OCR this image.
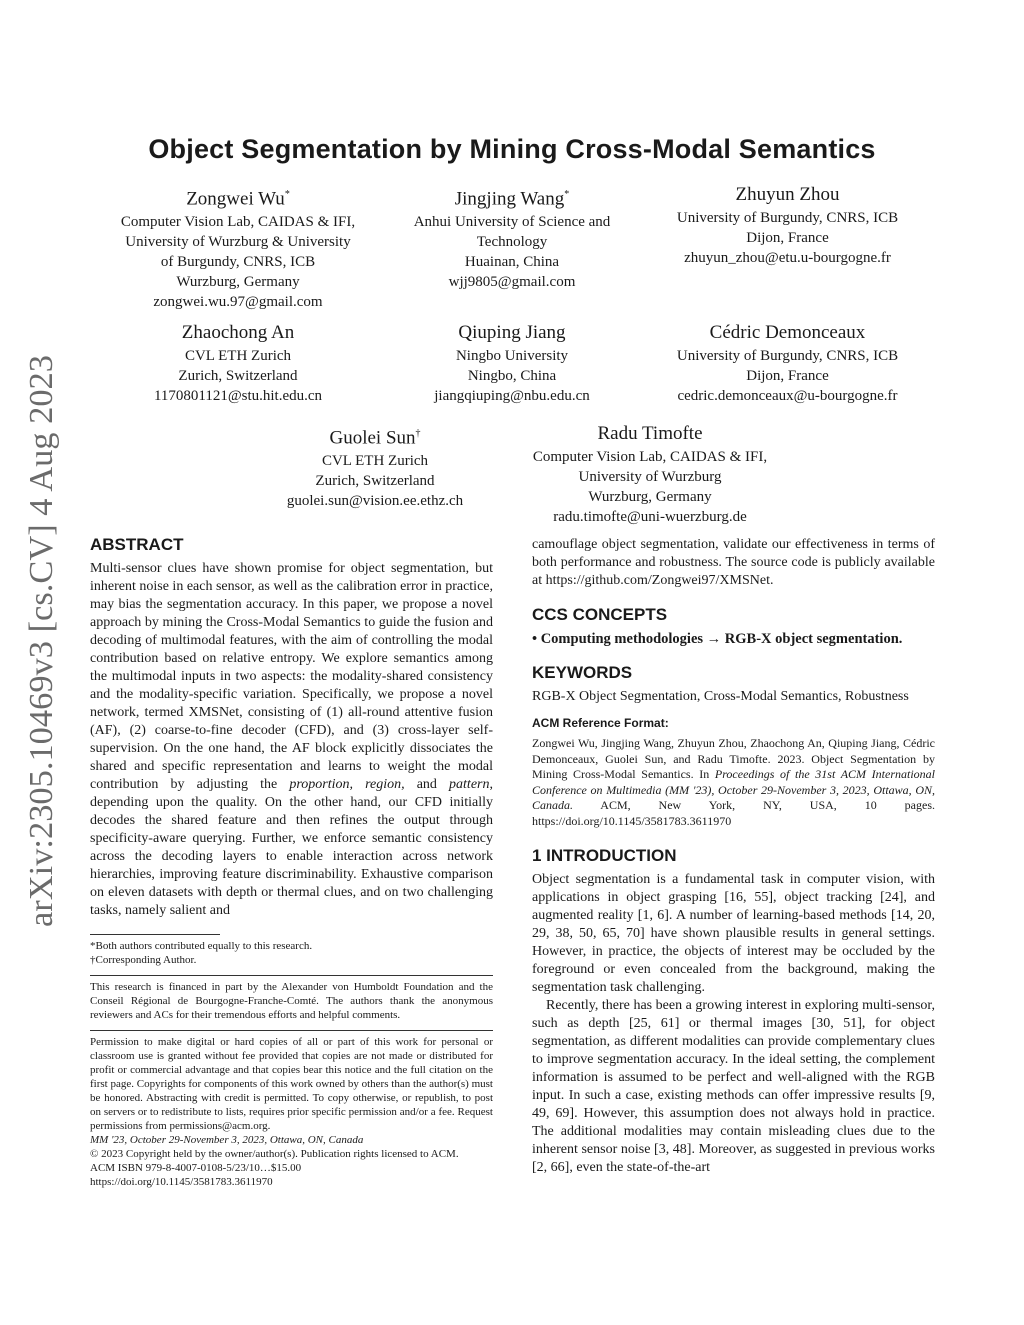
arXiv:2305.10469v3 [cs.CV] 4 Aug 2023
Object Segmentation by Mining Cross-Modal Semantics
Zongwei Wu*
Computer Vision Lab, CAIDAS & IFI,
University of Wurzburg & University
of Burgundy, CNRS, ICB
Wurzburg, Germany
zongwei.wu.97@gmail.com
Jingjing Wang*
Anhui University of Science and
Technology
Huainan, China
wjj9805@gmail.com
Zhuyun Zhou
University of Burgundy, CNRS, ICB
Dijon, France
zhuyun_zhou@etu.u-bourgogne.fr
Zhaochong An
CVL ETH Zurich
Zurich, Switzerland
1170801121@stu.hit.edu.cn
Qiuping Jiang
Ningbo University
Ningbo, China
jiangqiuping@nbu.edu.cn
Cédric Demonceaux
University of Burgundy, CNRS, ICB
Dijon, France
cedric.demonceaux@u-bourgogne.fr
Guolei Sun†
CVL ETH Zurich
Zurich, Switzerland
guolei.sun@vision.ee.ethz.ch
Radu Timofte
Computer Vision Lab, CAIDAS & IFI,
University of Wurzburg
Wurzburg, Germany
radu.timofte@uni-wuerzburg.de
ABSTRACT

Multi-sensor clues have shown promise for object segmentation, but inherent noise in each sensor, as well as the calibration error in practice, may bias the segmentation accuracy. In this paper, we propose a novel approach by mining the Cross-Modal Semantics to guide the fusion and decoding of multimodal features, with the aim of controlling the modal contribution based on relative entropy. We explore semantics among the multimodal inputs in two aspects: the modality-shared consistency and the modality-specific variation. Specifically, we propose a novel network, termed XMSNet, consisting of (1) all-round attentive fusion (AF), (2) coarse-to-fine decoder (CFD), and (3) cross-layer self-supervision. On the one hand, the AF block explicitly dissociates the shared and specific representation and learns to weight the modal contribution by adjusting the proportion, region, and pattern, depending upon the quality. On the other hand, our CFD initially decodes the shared feature and then refines the output through specificity-aware querying. Further, we enforce semantic consistency across the decoding layers to enable interaction across network hierarchies, improving feature discriminability. Exhaustive comparison on eleven datasets with depth or thermal clues, and on two challenging tasks, namely salient and

*Both authors contributed equally to this research.
†Corresponding Author.

This research is financed in part by the Alexander von Humboldt Foundation and the Conseil Régional de Bourgogne-Franche-Comté. The authors thank the anonymous reviewers and ACs for their tremendous efforts and helpful comments.

Permission to make digital or hard copies of all or part of this work for personal or classroom use is granted without fee provided that copies are not made or distributed for profit or commercial advantage and that copies bear this notice and the full citation on the first page. Copyrights for components of this work owned by others than the author(s) must be honored. Abstracting with credit is permitted. To copy otherwise, or republish, to post on servers or to redistribute to lists, requires prior specific permission and/or a fee. Request permissions from permissions@acm.org.

MM '23, October 29-November 3, 2023, Ottawa, ON, Canada
© 2023 Copyright held by the owner/author(s). Publication rights licensed to ACM.
ACM ISBN 979-8-4007-0108-5/23/10…$15.00
https://doi.org/10.1145/3581783.3611970

camouflage object segmentation, validate our effectiveness in terms of both performance and robustness. The source code is publicly available at https://github.com/Zongwei97/XMSNet.

CCS CONCEPTS
• Computing methodologies → RGB-X object segmentation.
KEYWORDS
RGB-X Object Segmentation, Cross-Modal Semantics, Robustness
ACM Reference Format:

Zongwei Wu, Jingjing Wang, Zhuyun Zhou, Zhaochong An, Qiuping Jiang, Cédric Demonceaux, Guolei Sun, and Radu Timofte. 2023. Object Segmentation by Mining Cross-Modal Semantics. In Proceedings of the 31st ACM International Conference on Multimedia (MM '23), October 29-November 3, 2023, Ottawa, ON, Canada. ACM, New York, NY, USA, 10 pages. https://doi.org/10.1145/3581783.3611970

1 INTRODUCTION

Object segmentation is a fundamental task in computer vision, with applications in object grasping [16, 55], object tracking [24], and augmented reality [1, 6]. A number of learning-based methods [14, 20, 29, 38, 50, 65, 70] have shown plausible results in general settings. However, in practice, the objects of interest may be occluded by the foreground or even concealed from the background, making the segmentation task challenging.

Recently, there has been a growing interest in exploring multi-sensor, such as depth [25, 61] or thermal images [30, 51], for object segmentation, as different modalities can provide complementary clues to improve segmentation accuracy. In the ideal setting, the complement information is assumed to be perfect and well-aligned with the RGB input. In such a case, existing methods can offer impressive results [9, 49, 69]. However, this assumption does not always hold in practice. The additional modalities may contain misleading clues due to the inherent sensor noise [3, 48]. Moreover, as suggested in previous works [2, 66], even the state-of-the-art
